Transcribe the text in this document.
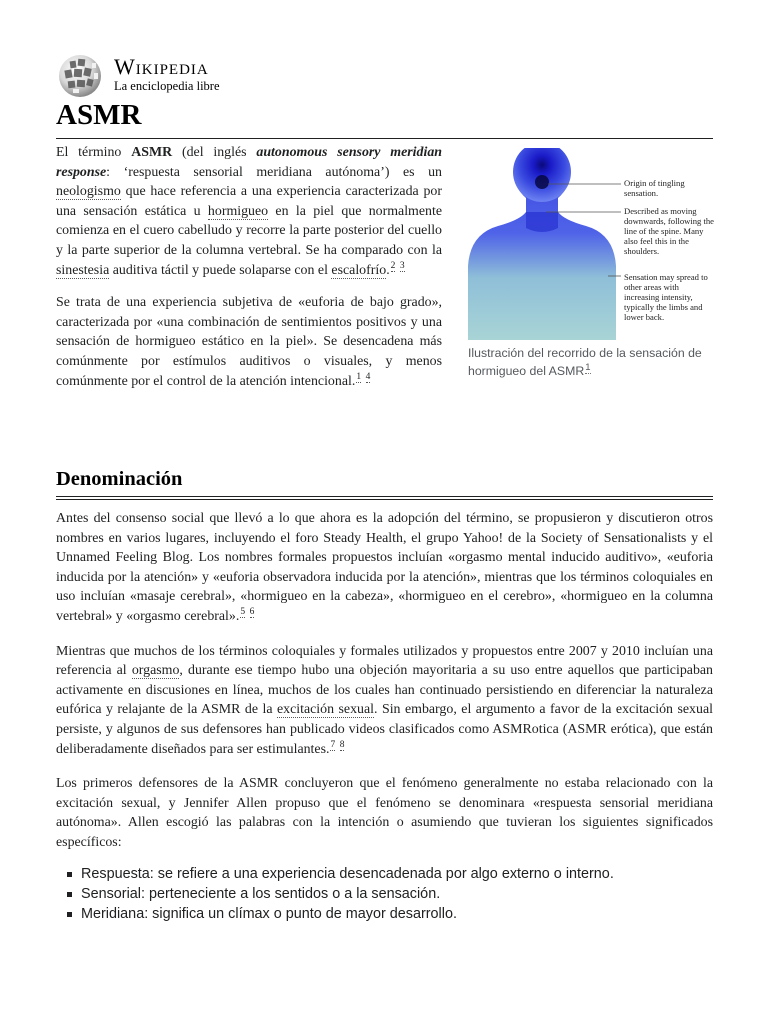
Wikipedia
La enciclopedia libre
ASMR

El término ASMR (del inglés autonomous sensory meridian response: ‘respuesta sensorial meridiana autónoma’) es un neologismo que hace referencia a una experiencia caracterizada por una sensación estática u hormigueo en la piel que normalmente comienza en el cuero cabelludo y recorre la parte posterior del cuello y la parte superior de la columna vertebral. Se ha comparado con la sinestesia auditiva táctil y puede solaparse con el escalofrío.$^2$ $^3$

Se trata de una experiencia subjetiva de «euforia de bajo grado», caracterizada por «una combinación de sentimientos positivos y una sensación de hormigueo estático en la piel». Se desencadena más comúnmente por estímulos auditivos o visuales, y menos comúnmente por el control de la atención intencional.$^1$ $^4$

Origin of tingling sensation.
Described as moving downwards, following the line of the spine. Many also feel this in the shoulders.
Sensation may spread to other areas with increasing intensity, typically the limbs and lower back.
Ilustración del recorrido de la sensación de hormigueo del ASMR$^1$
Denominación

Antes del consenso social que llevó a lo que ahora es la adopción del término, se propusieron y discutieron otros nombres en varios lugares, incluyendo el foro Steady Health, el grupo Yahoo! de la Society of Sensationalists y el Unnamed Feeling Blog. Los nombres formales propuestos incluían «orgasmo mental inducido auditivo», «euforia inducida por la atención» y «euforia observadora inducida por la atención», mientras que los términos coloquiales en uso incluían «masaje cerebral», «hormigueo en la cabeza», «hormigueo en el cerebro», «hormigueo en la columna vertebral» y «orgasmo cerebral».$^5$ $^6$

Mientras que muchos de los términos coloquiales y formales utilizados y propuestos entre 2007 y 2010 incluían una referencia al orgasmo, durante ese tiempo hubo una objeción mayoritaria a su uso entre aquellos que participaban activamente en discusiones en línea, muchos de los cuales han continuado persistiendo en diferenciar la naturaleza eufórica y relajante de la ASMR de la excitación sexual. Sin embargo, el argumento a favor de la excitación sexual persiste, y algunos de sus defensores han publicado videos clasificados como ASMRotica (ASMR erótica), que están deliberadamente diseñados para ser estimulantes.$^7$ $^8$

Los primeros defensores de la ASMR concluyeron que el fenómeno generalmente no estaba relacionado con la excitación sexual, y Jennifer Allen propuso que el fenómeno se denominara «respuesta sensorial meridiana autónoma». Allen escogió las palabras con la intención o asumiendo que tuvieran los siguientes significados específicos:

Respuesta: se refiere a una experiencia desencadenada por algo externo o interno.
Sensorial: perteneciente a los sentidos o a la sensación.
Meridiana: significa un clímax o punto de mayor desarrollo.
